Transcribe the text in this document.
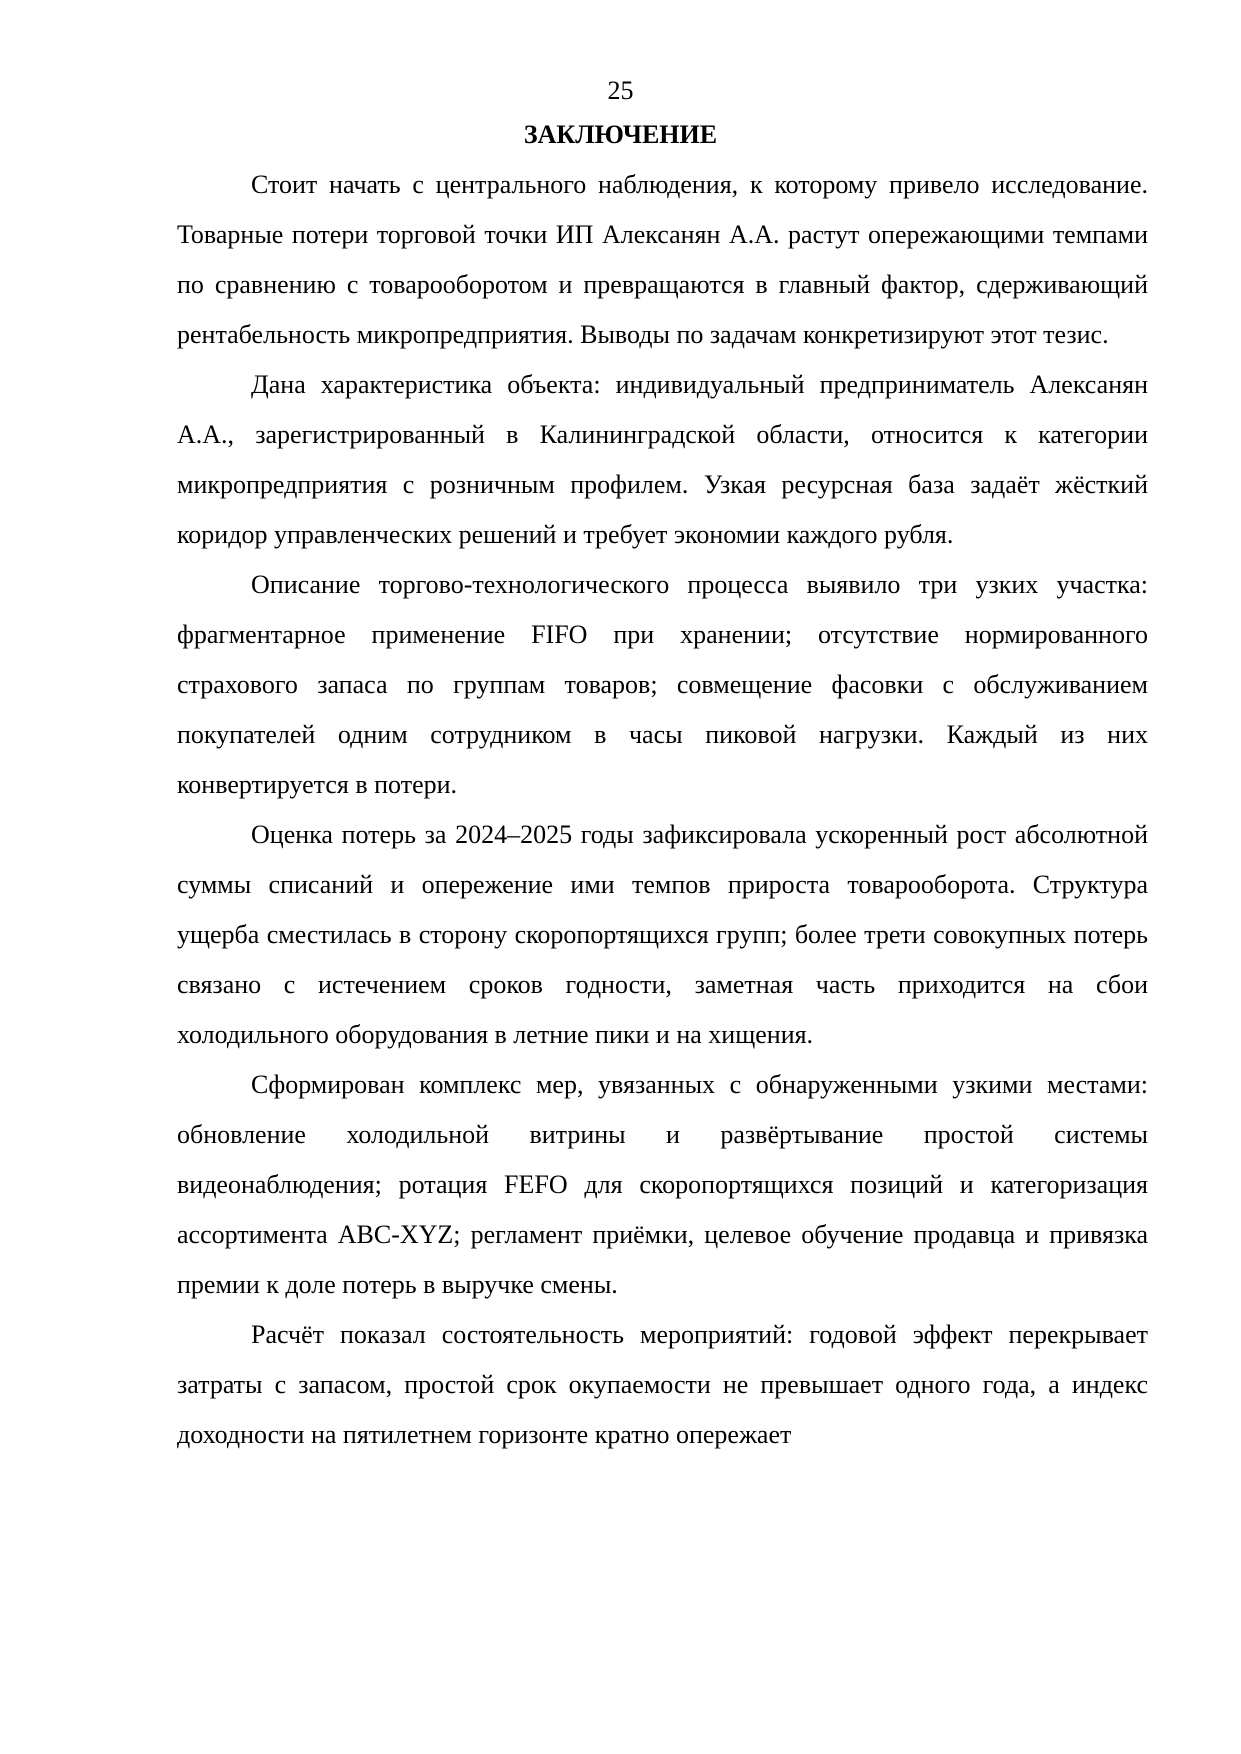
25
ЗАКЛЮЧЕНИЕ

Стоит начать с центрального наблюдения, к которому привело исследование. Товарные потери торговой точки ИП Алексанян А.А. растут опережающими темпами по сравнению с товарооборотом и превращаются в главный фактор, сдерживающий рентабельность микропредприятия. Выводы по задачам конкретизируют этот тезис.

Дана характеристика объекта: индивидуальный предприниматель Алексанян А.А., зарегистрированный в Калининградской области, относится к категории микропредприятия с розничным профилем. Узкая ресурсная база задаёт жёсткий коридор управленческих решений и требует экономии каждого рубля.

Описание торгово-технологического процесса выявило три узких участка: фрагментарное применение FIFO при хранении; отсутствие нормированного страхового запаса по группам товаров; совмещение фасовки с обслуживанием покупателей одним сотрудником в часы пиковой нагрузки. Каждый из них конвертируется в потери.

Оценка потерь за 2024–2025 годы зафиксировала ускоренный рост абсолютной суммы списаний и опережение ими темпов прироста товарооборота. Структура ущерба сместилась в сторону скоропортящихся групп; более трети совокупных потерь связано с истечением сроков годности, заметная часть приходится на сбои холодильного оборудования в летние пики и на хищения.

Сформирован комплекс мер, увязанных с обнаруженными узкими местами: обновление холодильной витрины и развёртывание простой системы видеонаблюдения; ротация FEFO для скоропортящихся позиций и категоризация ассортимента ABC-XYZ; регламент приёмки, целевое обучение продавца и привязка премии к доле потерь в выручке смены.

Расчёт показал состоятельность мероприятий: годовой эффект перекрывает затраты с запасом, простой срок окупаемости не превышает одного года, а индекс доходности на пятилетнем горизонте кратно опережает
